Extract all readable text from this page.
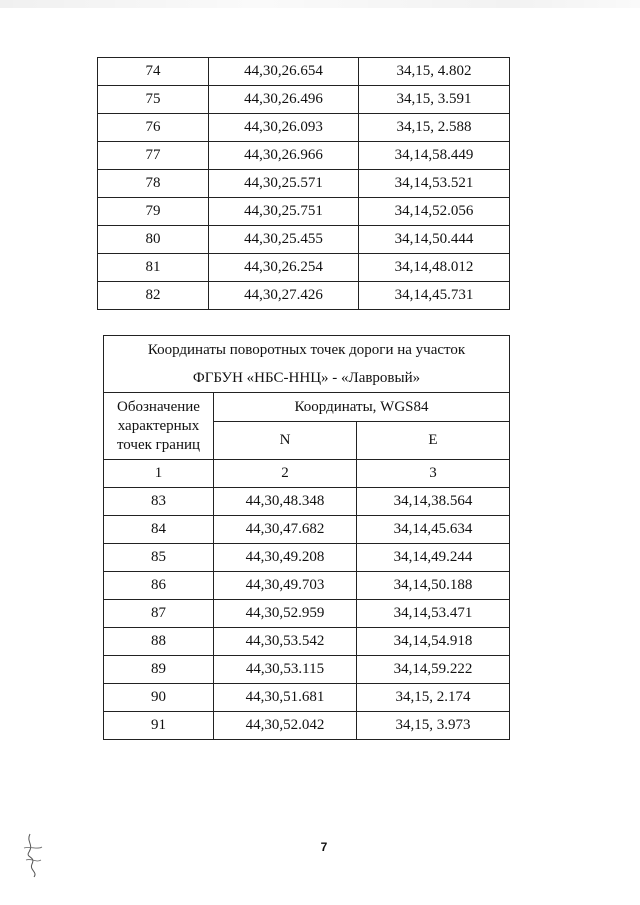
74	44,30,26.654	34,15, 4.802
75	44,30,26.496	34,15, 3.591
76	44,30,26.093	34,15, 2.588
77	44,30,26.966	34,14,58.449
78	44,30,25.571	34,14,53.521
79	44,30,25.751	34,14,52.056
80	44,30,25.455	34,14,50.444
81	44,30,26.254	34,14,48.012
82	44,30,27.426	34,14,45.731
Координаты поворотных точек дороги на участок
ФГБУН «НБС-ННЦ» - «Лавровый»		

Обозначение характерных точек границ	Координаты, WGS84	
	N	E
1	2	3
83	44,30,48.348	34,14,38.564
84	44,30,47.682	34,14,45.634
85	44,30,49.208	34,14,49.244
86	44,30,49.703	34,14,50.188
87	44,30,52.959	34,14,53.471
88	44,30,53.542	34,14,54.918
89	44,30,53.115	34,14,59.222
90	44,30,51.681	34,15, 2.174
91	44,30,52.042	34,15, 3.973
7
